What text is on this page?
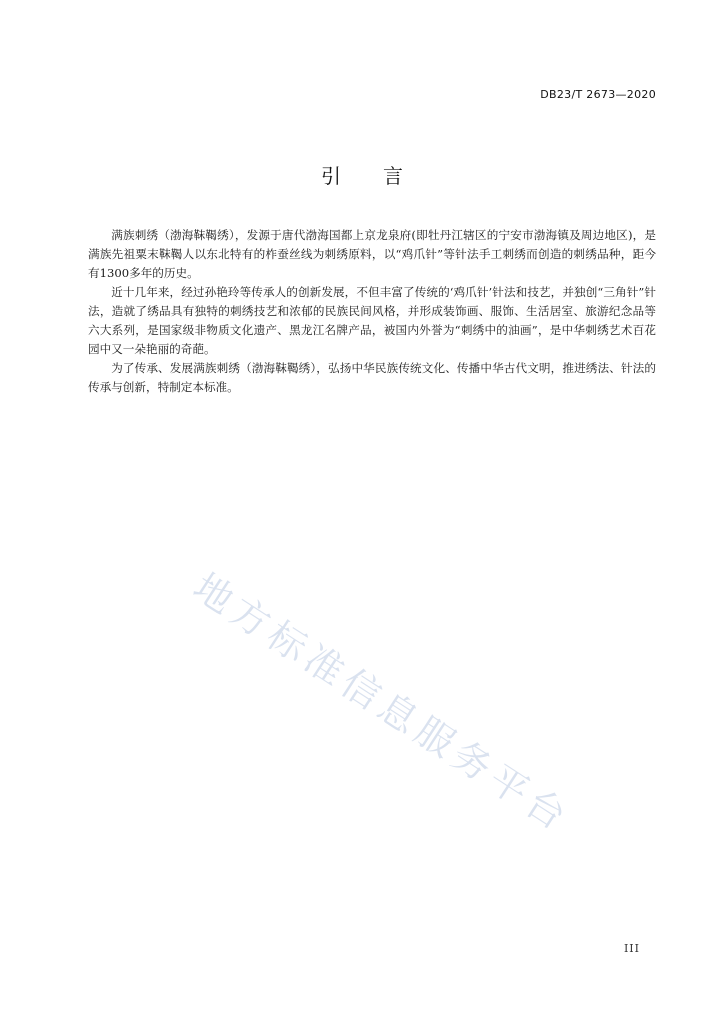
DB23/T 2673—2020
引言

满族刺绣（渤海靺鞨绣），发源于唐代渤海国都上京龙泉府(即牡丹江辖区的宁安市渤海镇及周边地区)，是满族先祖粟末靺鞨人以东北特有的柞蚕丝线为刺绣原料，以“鸡爪针”等针法手工刺绣而创造的刺绣品种，距今有1300多年的历史。

近十几年来，经过孙艳玲等传承人的创新发展，不但丰富了传统的‘鸡爪针’针法和技艺，并独创“三角针”针法，造就了绣品具有独特的刺绣技艺和浓郁的民族民间风格，并形成装饰画、服饰、生活居室、旅游纪念品等六大系列，是国家级非物质文化遗产、黑龙江名牌产品，被国内外誉为“刺绣中的油画”，是中华刺绣艺术百花园中又一朵艳丽的奇葩。

为了传承、发展满族刺绣（渤海靺鞨绣），弘扬中华民族传统文化、传播中华古代文明，推进绣法、针法的传承与创新，特制定本标准。

地方标准信息服务平台
III
